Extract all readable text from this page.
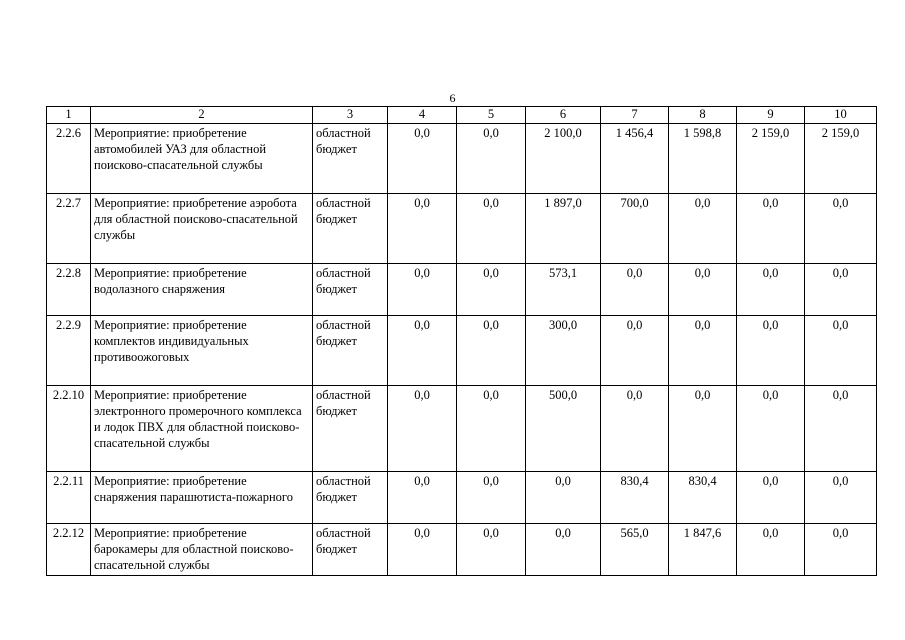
6
1	2	3	4	5	6	7	8	9	10
2.2.6	Мероприятие: приобретение автомобилей УАЗ для областной поисково-спасательной службы	областной бюджет	0,0	0,0	2 100,0	1 456,4	1 598,8	2 159,0	2 159,0
2.2.7	Мероприятие: приобретение аэробота для областной поисково-спасательной службы	областной бюджет	0,0	0,0	1 897,0	700,0	0,0	0,0	0,0
2.2.8	Мероприятие: приобретение водолазного снаряжения	областной бюджет	0,0	0,0	573,1	0,0	0,0	0,0	0,0
2.2.9	Мероприятие: приобретение комплектов индивидуальных противоожоговых	областной бюджет	0,0	0,0	300,0	0,0	0,0	0,0	0,0
2.2.10	Мероприятие: приобретение электронного промерочного комплекса и лодок ПВХ для областной поисково-спасательной службы	областной бюджет	0,0	0,0	500,0	0,0	0,0	0,0	0,0
2.2.11	Мероприятие: приобретение снаряжения парашютиста-пожарного	областной бюджет	0,0	0,0	0,0	830,4	830,4	0,0	0,0
2.2.12	Мероприятие: приобретение барокамеры для областной поисково-спасательной службы	областной бюджет	0,0	0,0	0,0	565,0	1 847,6	0,0	0,0
